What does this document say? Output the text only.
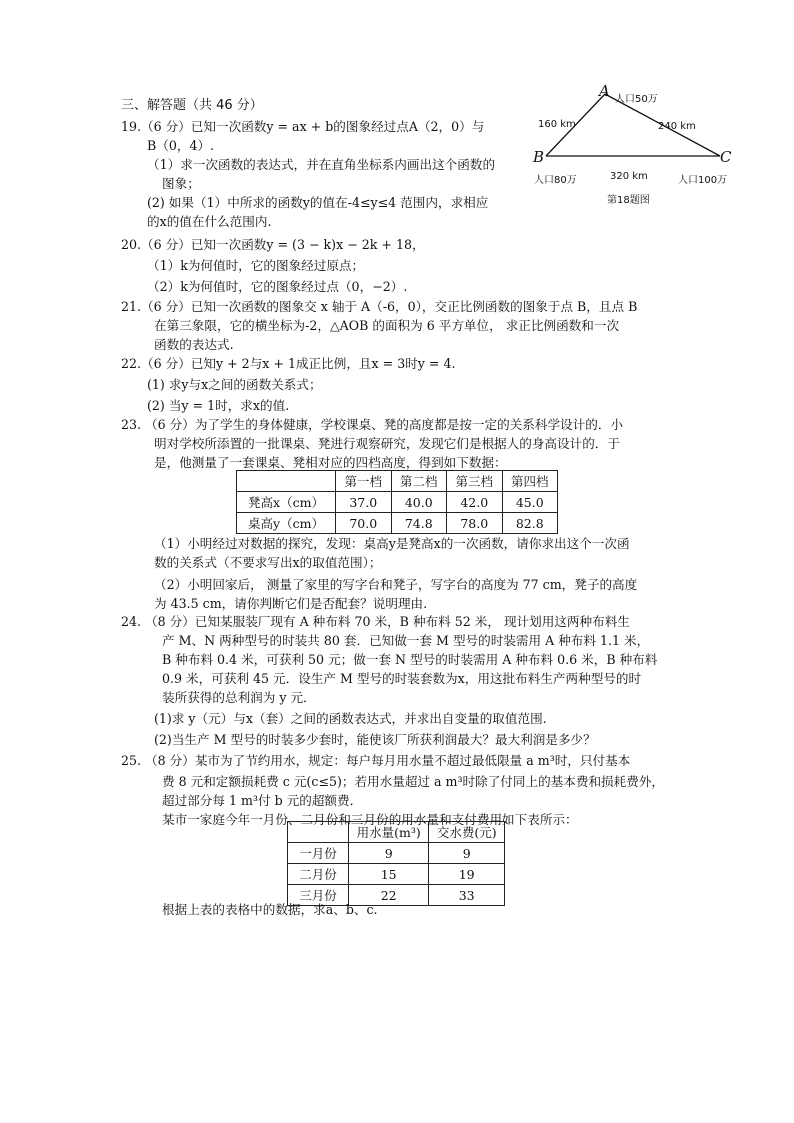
A
B	C
人口50万
人口80万	人口100万
160 km	240 km
320 km
第18题图
三、解答题（共 46 分）
19.（6 分）已知一次函数y = ax + b的图象经过点A（2，0）与
B（0，4）.
（1）求一次函数的表达式，并在直角坐标系内画出这个函数的
图象；
(2) 如果（1）中所求的函数y的值在-4≤y≤4 范围内，求相应
的x的值在什么范围内.
20.（6 分）已知一次函数y = (3 − k)x − 2k + 18，
（1）k为何值时，它的图象经过原点；
（2）k为何值时，它的图象经过点（0，−2）.
21.（6 分）已知一次函数的图象交 x 轴于 A（-6，0），交正比例函数的图象于点 B，且点 B
在第三象限，它的横坐标为-2，△AOB 的面积为 6 平方单位， 求正比例函数和一次
函数的表达式.
22.（6 分）已知y + 2与x + 1成正比例，且x = 3时y = 4.
(1) 求y与x之间的函数关系式；
(2) 当y = 1时，求x的值.
23. （6 分）为了学生的身体健康，学校课桌、凳的高度都是按一定的关系科学设计的．小
明对学校所添置的一批课桌、凳进行观察研究，发现它们是根据人的身高设计的．于
是，他测量了一套课桌、凳相对应的四档高度，得到如下数据：
	第一档	第二档	第三档	第四档
凳高x（cm）	37.0	40.0	42.0	45.0
桌高y（cm）	70.0	74.8	78.0	82.8
（1）小明经过对数据的探究，发现：桌高y是凳高x的一次函数，请你求出这个一次函
数的关系式（不要求写出x的取值范围）；
（2）小明回家后， 测量了家里的写字台和凳子，写字台的高度为 77 cm，凳子的高度
为 43.5 cm，请你判断它们是否配套？说明理由.
24. （8 分）已知某服装厂现有 A 种布料 70 米，B 种布料 52 米， 现计划用这两种布料生
产 M、N 两种型号的时装共 80 套．已知做一套 M 型号的时装需用 A 种布料 1.1 米，
B 种布料 0.4 米，可获利 50 元；做一套 N 型号的时装需用 A 种布料 0.6 米，B 种布料
0.9 米，可获利 45 元．设生产 M 型号的时装套数为x，用这批布料生产两种型号的时
装所获得的总利润为 y 元．
(1)求 y（元）与x（套）之间的函数表达式，并求出自变量的取值范围.
(2)当生产 M 型号的时装多少套时，能使该厂所获利润最大？最大利润是多少？
25. （8 分）某市为了节约用水，规定：每户每月用水量不超过最低限量 a m³时，只付基本
费 8 元和定额损耗费 c 元(c≤5)；若用水量超过 a m³时除了付同上的基本费和损耗费外，
超过部分每 1 m³付 b 元的超额费．
某市一家庭今年一月份、二月份和三月份的用水量和支付费用如下表所示：
	用水量(m³)	交水费(元)
一月份	9	9
二月份	15	19
三月份	22	33
根据上表的表格中的数据，求a、b、c.
